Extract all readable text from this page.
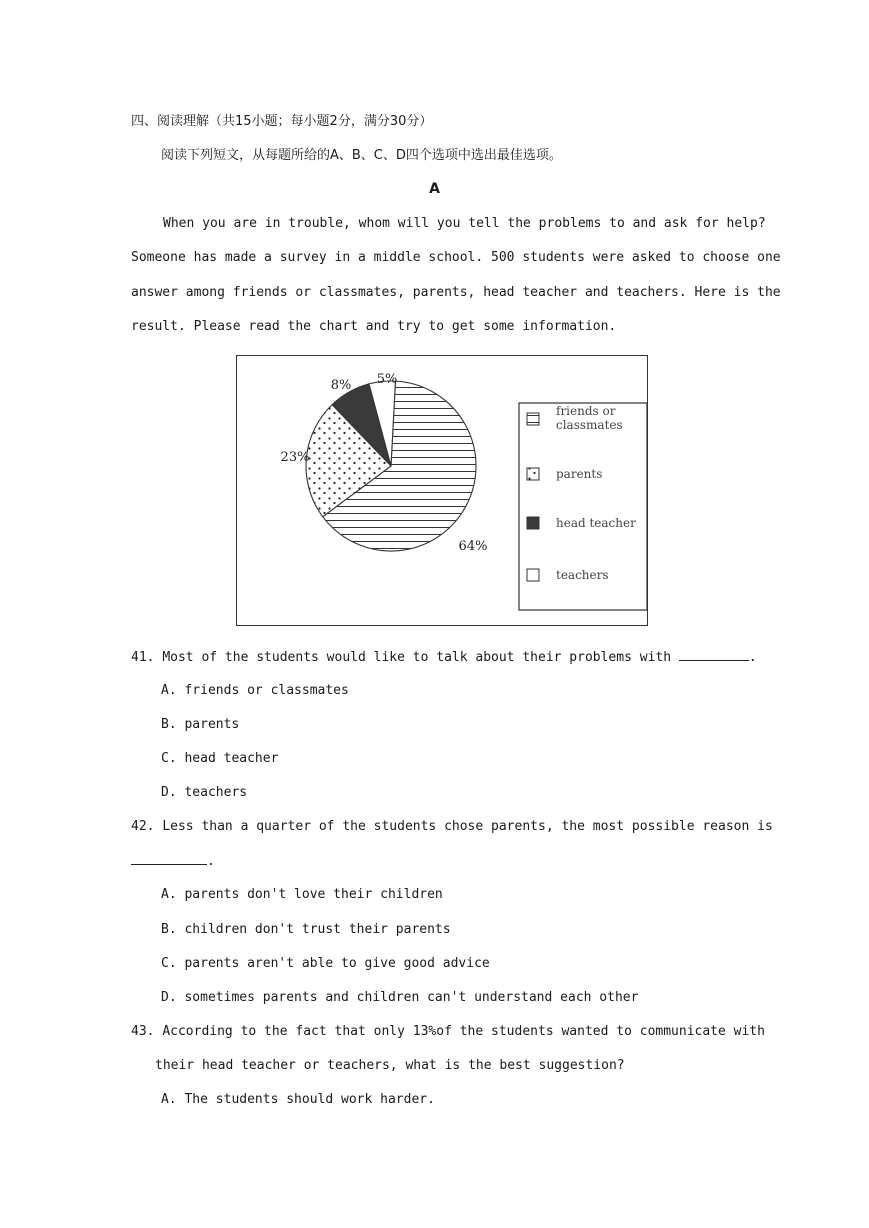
四、阅读理解（共15小题；每小题2分，满分30分）
阅读下列短文，从每题所给的A、B、C、D四个选项中选出最佳选项。
A
When you are in trouble, whom will you tell the problems to and ask for help?
Someone has made a survey in a middle school. 500 students were asked to choose one
answer among friends or classmates, parents, head teacher and teachers. Here is the
result. Please read the chart and try to get some information.
64%
23%
8% 5%
friends or
classmates
parents
head teacher
teachers
41. Most of the students would like to talk about their problems with	.
A. friends or classmates
B. parents
C. head teacher
D. teachers
42. Less than a quarter of the students chose parents, the most possible reason is
.
A. parents don't love their children
B. children don't trust their parents
C. parents aren't able to give good advice
D. sometimes parents and children can't understand each other
43. According to the fact that only 13%of the students wanted to communicate with
their head teacher or teachers, what is the best suggestion?
A. The students should work harder.
